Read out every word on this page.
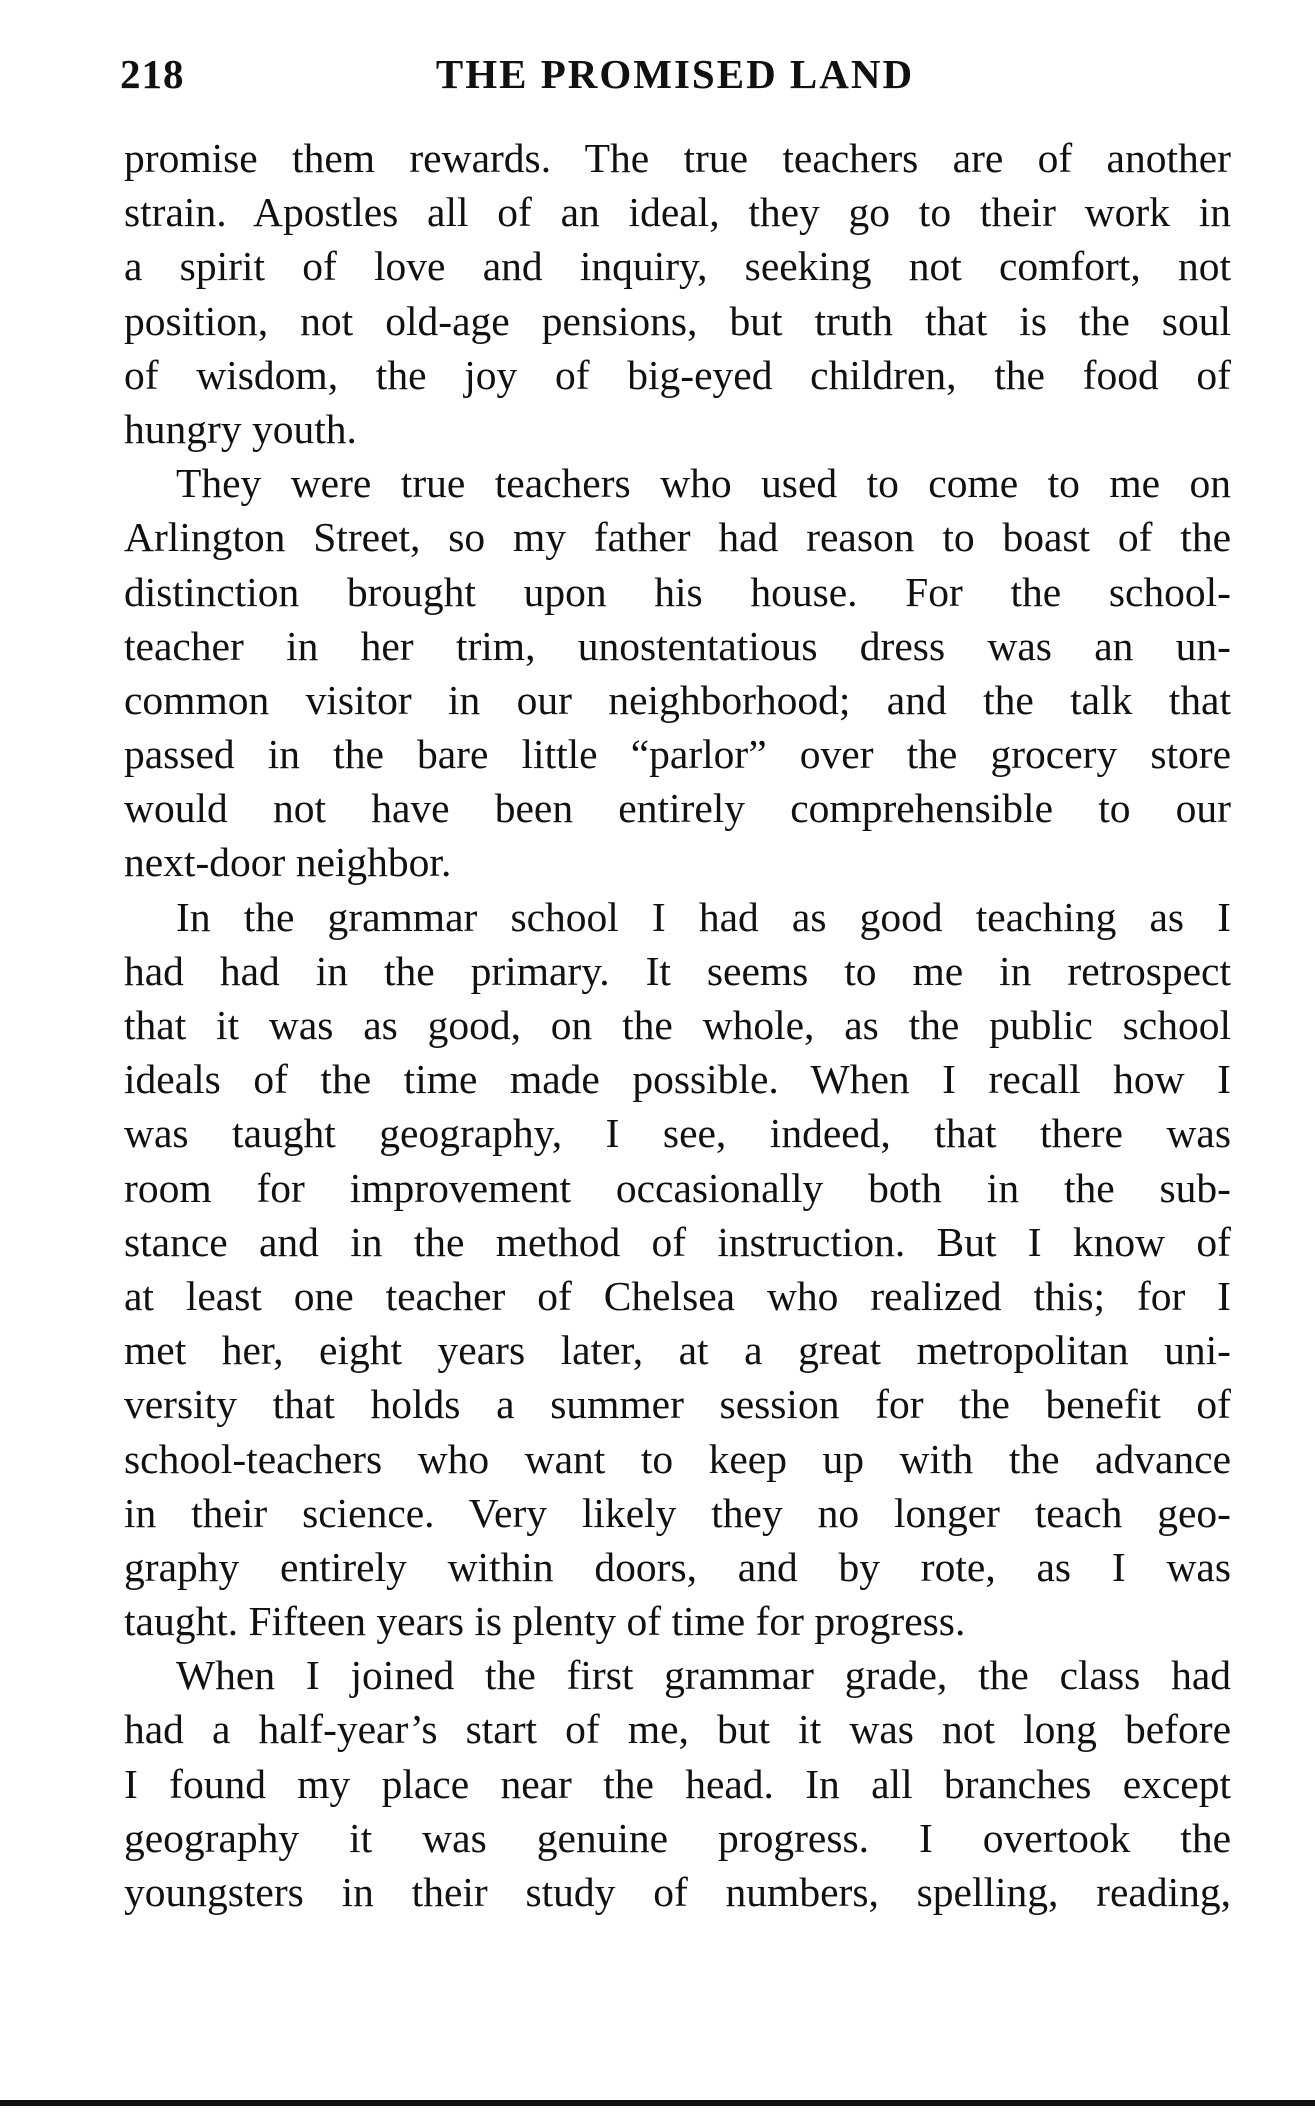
218	THE PROMISED LAND
promise them rewards. The true teachers are of another
strain. Apostles all of an ideal, they go to their work in
a spirit of love and inquiry, seeking not comfort, not
position, not old-age pensions, but truth that is the soul
of wisdom, the joy of big-eyed children, the food of
hungry youth.
They were true teachers who used to come to me on
Arlington Street, so my father had reason to boast of the
distinction brought upon his house. For the school-
teacher in her trim, unostentatious dress was an un-
common visitor in our neighborhood; and the talk that
passed in the bare little “parlor” over the grocery store
would not have been entirely comprehensible to our
next-door neighbor.
In the grammar school I had as good teaching as I
had had in the primary. It seems to me in retrospect
that it was as good, on the whole, as the public school
ideals of the time made possible. When I recall how I
was taught geography, I see, indeed, that there was
room for improvement occasionally both in the sub-
stance and in the method of instruction. But I know of
at least one teacher of Chelsea who realized this; for I
met her, eight years later, at a great metropolitan uni-
versity that holds a summer session for the benefit of
school-teachers who want to keep up with the advance
in their science. Very likely they no longer teach geo-
graphy entirely within doors, and by rote, as I was
taught. Fifteen years is plenty of time for progress.
When I joined the first grammar grade, the class had
had a half-year’s start of me, but it was not long before
I found my place near the head. In all branches except
geography it was genuine progress. I overtook the
youngsters in their study of numbers, spelling, reading,
